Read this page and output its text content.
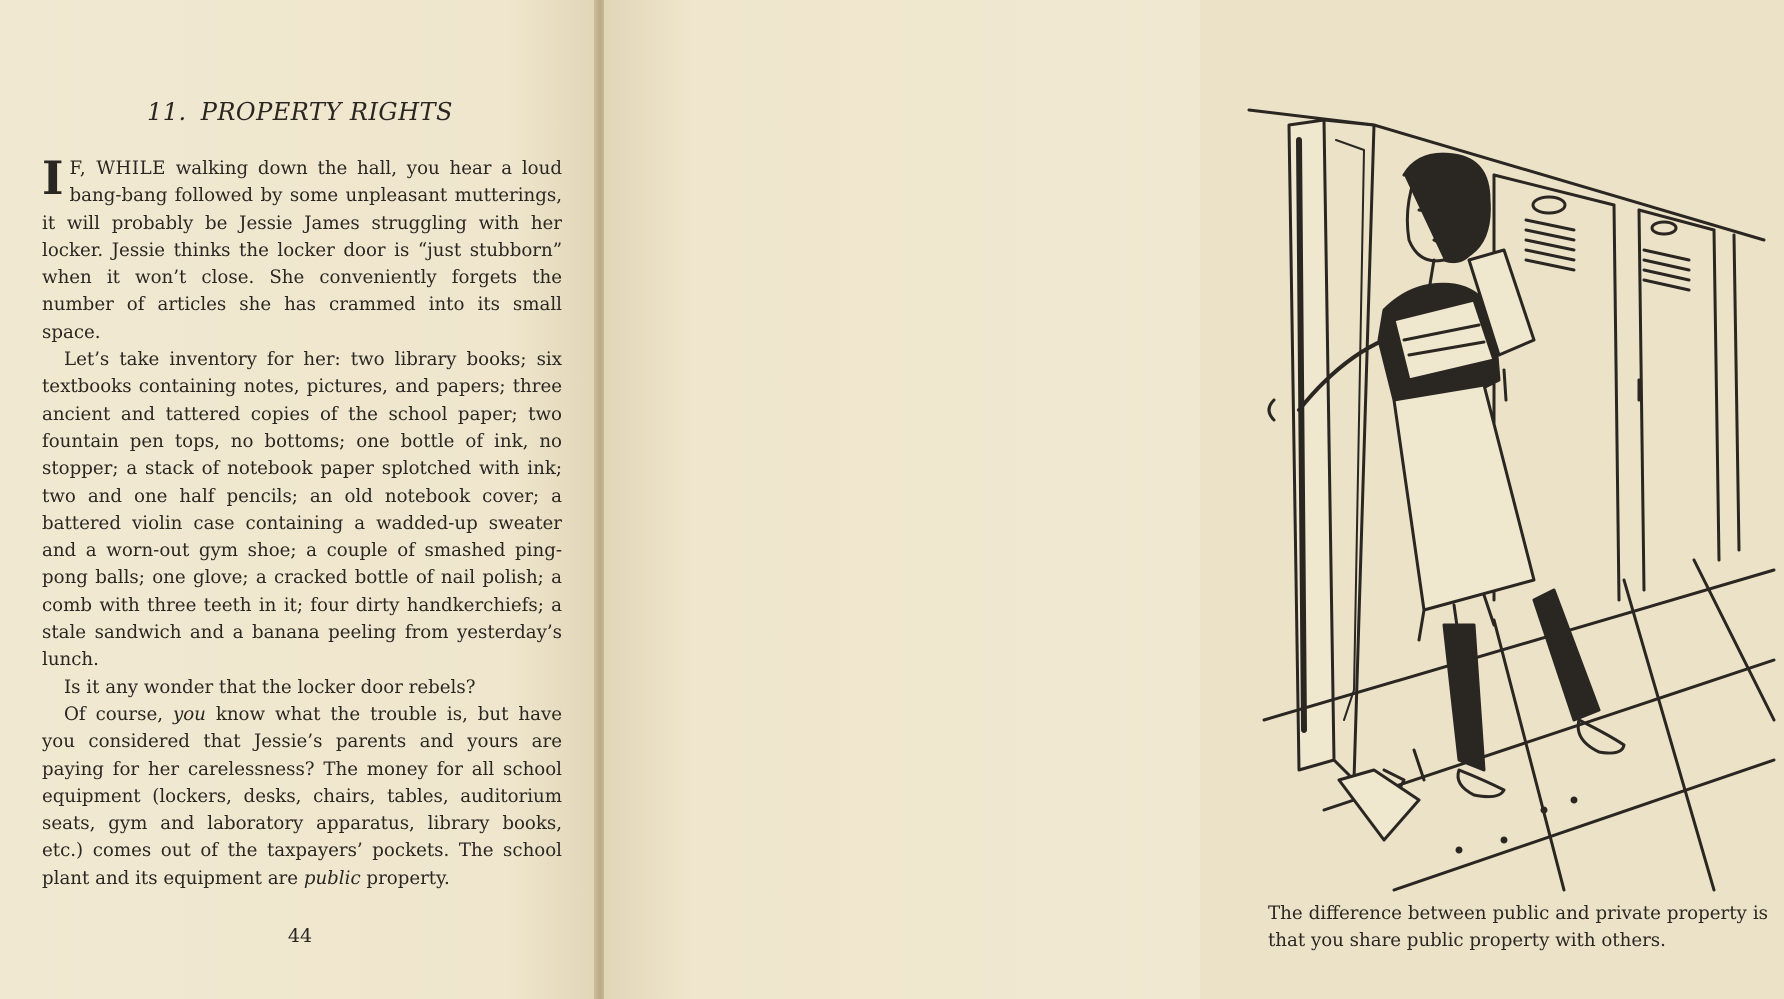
11. PROPERTY RIGHTS

I F, WHILE walking down the hall, you hear a loud bang-bang followed by some unpleasant mutterings, it will probably be Jessie James struggling with her locker. Jessie thinks the locker door is “just stubborn” when it won’t close. She conveniently forgets the number of articles she has crammed into its small space.

Let’s take inventory for her: two library books; six textbooks containing notes, pictures, and papers; three ancient and tattered copies of the school paper; two fountain pen tops, no bottoms; one bottle of ink, no stopper; a stack of notebook paper splotched with ink; two and one half pencils; an old notebook cover; a battered violin case containing a wadded-up sweater and a worn-out gym shoe; a couple of smashed ping-pong balls; one glove; a cracked bottle of nail polish; a comb with three teeth in it; four dirty handkerchiefs; a stale sandwich and a banana peeling from yesterday’s lunch.

Is it any wonder that the locker door rebels?

Of course, you know what the trouble is, but have you considered that Jessie’s parents and yours are paying for her carelessness? The money for all school equipment (lockers, desks, chairs, tables, auditorium seats, gym and laboratory apparatus, library books, etc.) comes out of the taxpayers’ pockets. The school plant and its equipment are public property.

44

The difference between public and private property is that you share public property with others.
